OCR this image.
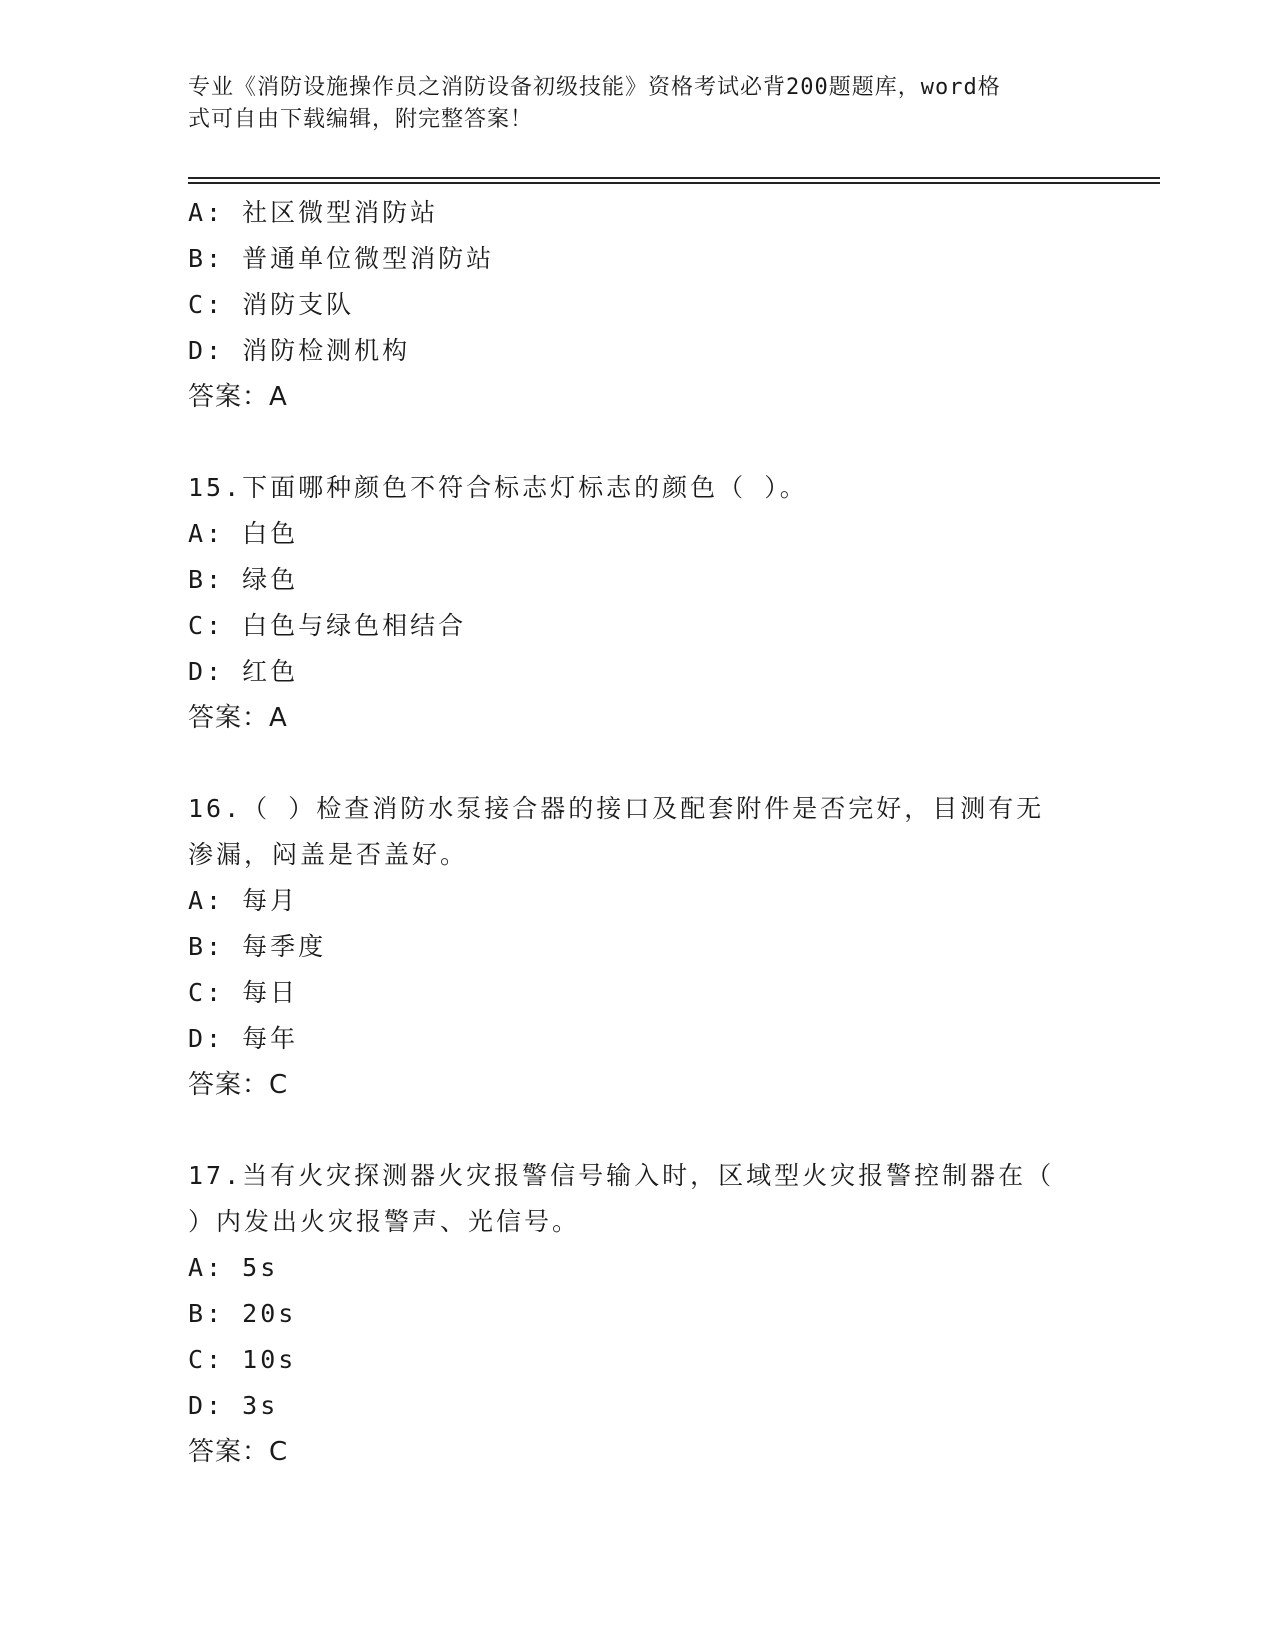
专业《消防设施操作员之消防设备初级技能》资格考试必背200题题库，word格
式可自由下载编辑，附完整答案！
A: 社区微型消防站
B: 普通单位微型消防站
C: 消防支队
D: 消防检测机构
答案：A
15.下面哪种颜色不符合标志灯标志的颜色（ ）。
A: 白色
B: 绿色
C: 白色与绿色相结合
D: 红色
答案：A
16.（ ）检查消防水泵接合器的接口及配套附件是否完好，目测有无
渗漏，闷盖是否盖好。
A: 每月
B: 每季度
C: 每日
D: 每年
答案：C
17.当有火灾探测器火灾报警信号输入时，区域型火灾报警控制器在（
）内发出火灾报警声、光信号。
A: 5s
B: 20s
C: 10s
D: 3s
答案：C
